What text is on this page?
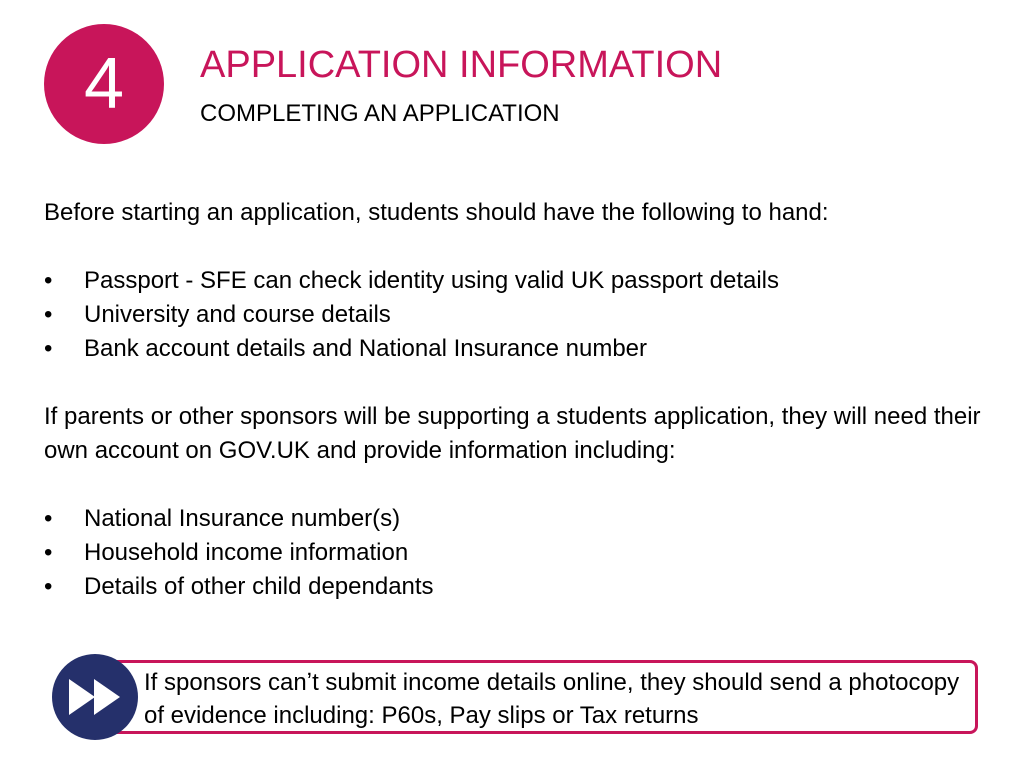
4 APPLICATION INFORMATION
COMPLETING AN APPLICATION

Before starting an application, students should have the following to hand:

• Passport - SFE can check identity using valid UK passport details
• University and course details
• Bank account details and National Insurance number

If parents or other sponsors will be supporting a students application, they will need their own account on GOV.UK and provide information including:

• National Insurance number(s)
• Household income information
• Details of other child dependants
If sponsors canʼt submit income details online, they should send a photocopy of evidence including: P60s, Pay slips or Tax returns
